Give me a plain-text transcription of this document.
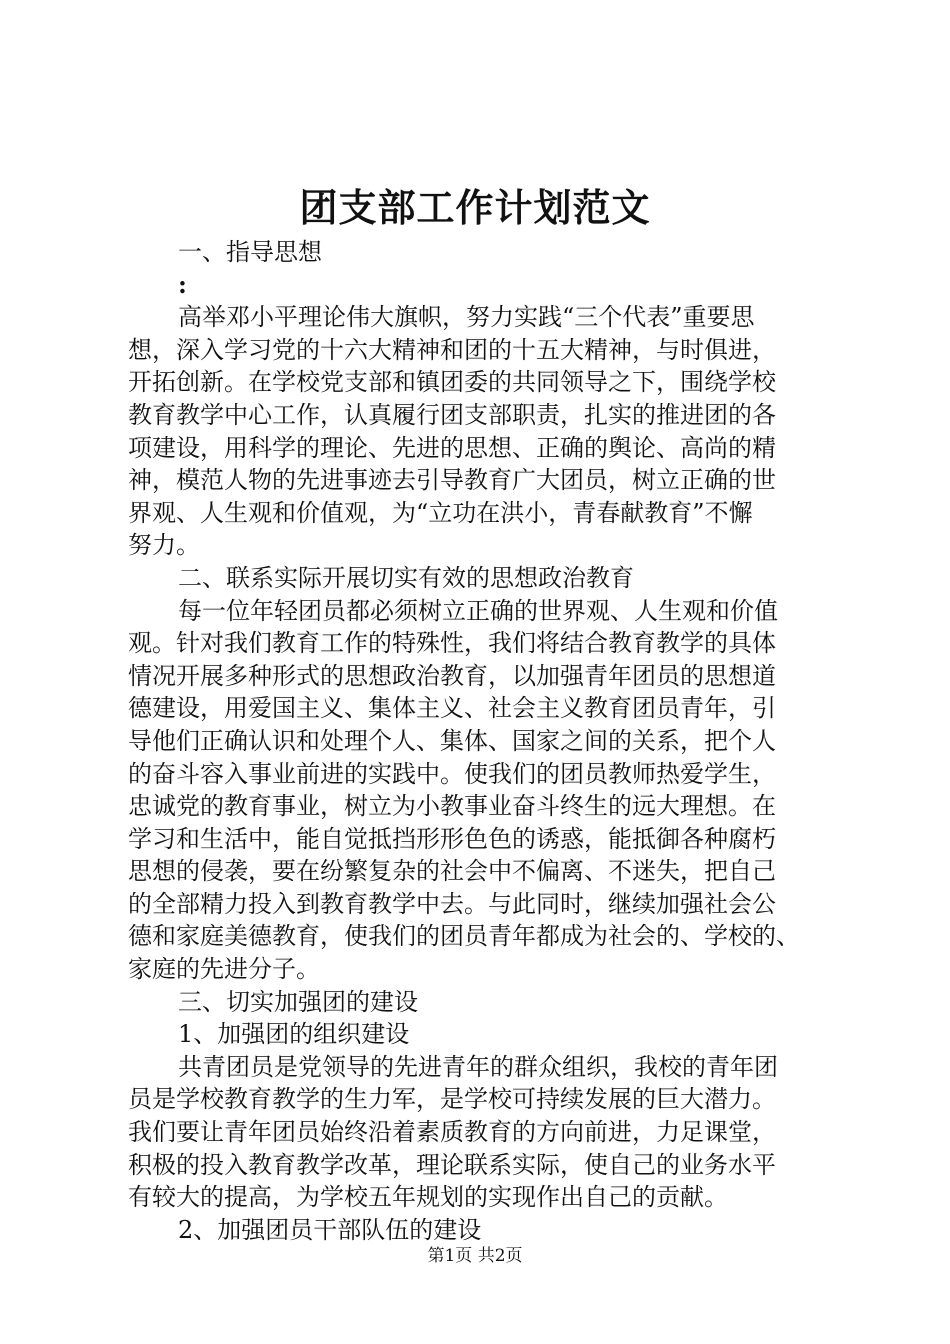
团支部工作计划范文
一、指导思想
:
高举邓小平理论伟大旗帜，努力实践“三个代表”重要思
想，深入学习党的十六大精神和团的十五大精神，与时俱进，
开拓创新。在学校党支部和镇团委的共同领导之下，围绕学校
教育教学中心工作，认真履行团支部职责，扎实的推进团的各
项建设，用科学的理论、先进的思想、正确的舆论、高尚的精
神，模范人物的先进事迹去引导教育广大团员，树立正确的世
界观、人生观和价值观，为“立功在洪小，青春献教育”不懈
努力。
二、联系实际开展切实有效的思想政治教育
每一位年轻团员都必须树立正确的世界观、人生观和价值
观。针对我们教育工作的特殊性，我们将结合教育教学的具体
情况开展多种形式的思想政治教育，以加强青年团员的思想道
德建设，用爱国主义、集体主义、社会主义教育团员青年，引
导他们正确认识和处理个人、集体、国家之间的关系，把个人
的奋斗容入事业前进的实践中。使我们的团员教师热爱学生，
忠诚党的教育事业，树立为小教事业奋斗终生的远大理想。在
学习和生活中，能自觉抵挡形形色色的诱惑，能抵御各种腐朽
思想的侵袭，要在纷繁复杂的社会中不偏离、不迷失，把自己
的全部精力投入到教育教学中去。与此同时，继续加强社会公
德和家庭美德教育，使我们的团员青年都成为社会的、学校的、
家庭的先进分子。
三、切实加强团的建设
1、加强团的组织建设
共青团员是党领导的先进青年的群众组织，我校的青年团
员是学校教育教学的生力军，是学校可持续发展的巨大潜力。
我们要让青年团员始终沿着素质教育的方向前进，力足课堂，
积极的投入教育教学改革，理论联系实际，使自己的业务水平
有较大的提高，为学校五年规划的实现作出自己的贡献。
2、加强团员干部队伍的建设
第1页 共2页
